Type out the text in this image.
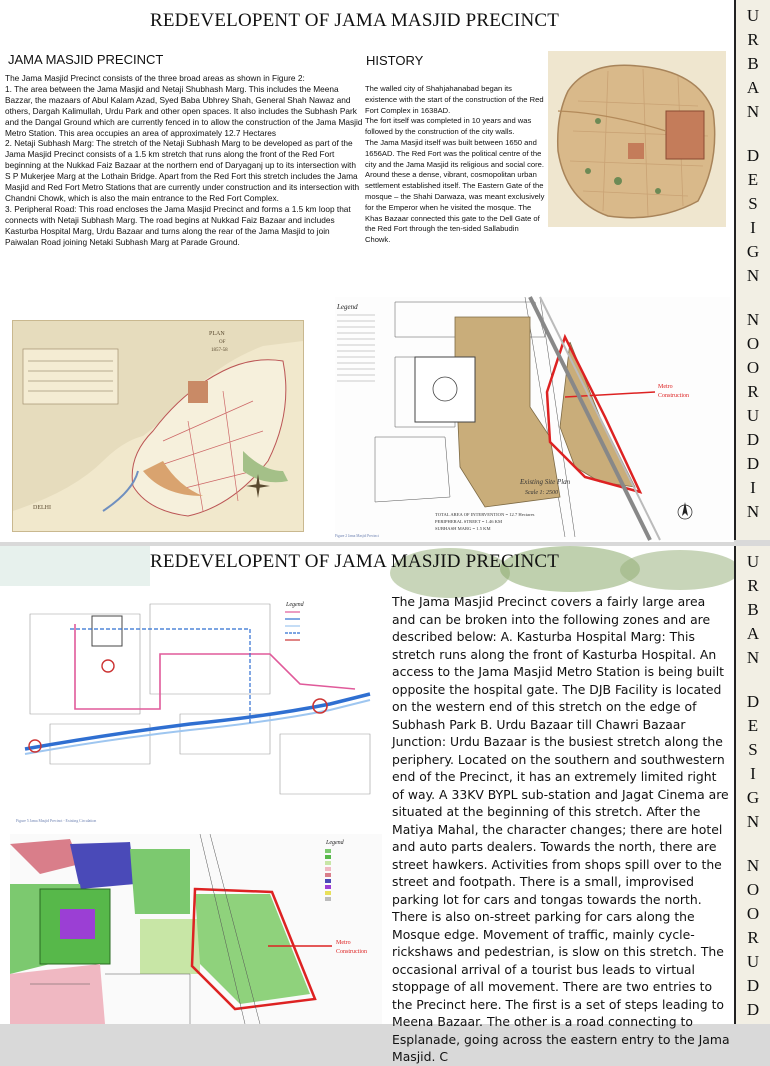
REDEVELOPENT OF JAMA MASJID PRECINCT
JAMA MASJID PRECINCT	HISTORY

The Jama Masjid Precinct consists of the three broad areas as shown in Figure 2:

1. The area between the Jama Masjid and Netaji Shubhash Marg. This includes the Meena Bazzar, the mazaars of Abul Kalam Azad, Syed Baba Ubhrey Shah, General Shah Nawaz and others, Dargah Kalimullah, Urdu Park and other open spaces. It also includes the Subhash Park and the Dangal Ground which are currently fenced in to allow the construction of the Jama Masjid Metro Station. This area occupies an area of approximately 12.7 Hectares

2. Netaji Subhash Marg: The stretch of the Netaji Subhash Marg to be developed as part of the Jama Masjid Precinct consists of a 1.5 km stretch that runs along the front of the Red Fort beginning at the Nukkad Faiz Bazaar at the northern end of Daryaganj up to its intersection with S P Mukerjee Marg at the Lothain Bridge. Apart from the Red Fort this stretch includes the Jama Masjid and Red Fort Metro Stations that are currently under construction and its intersection with Chandni Chowk, which is also the main entrance to the Red Fort Complex.

3. Peripheral Road: This road encloses the Jama Masjid Precinct and forms a 1.5 km loop that connects with Netaji Subhash Marg. The road begins at Nukkad Faiz Bazaar and includes Kasturba Hospital Marg, Urdu Bazaar and turns along the rear of the Jama Masjid to join Paiwalan Road joining Netaki Subhash Marg at Parade Ground.

The walled city of Shahjahanabad began its existence with the start of the construction of the Red Fort Complex in 1638AD.

The fort itself was completed in 10 years and was followed by the construction of the city walls.

The Jama Masjid itself was built between 1650 and 1656AD. The Red Fort was the political centre of the city and the Jama Masjid its religious and social core.

Around these a dense, vibrant, cosmopolitan urban settlement established itself. The Eastern Gate of the mosque – the Shahi Darwaza, was meant exclusively for the Emperor when he visited the mosque. The Khas Bazaar connected this gate to the Dell Gate of the Red Fort through the ten-sided Sallabudin Chowk.

PLAN
OF
1857-58
DELHI
Legend
Metro
Construction
Existing Site Plan
Scale 1: 2500
TOTAL AREA OF INTERVENTION = 12.7 Hectares
PERIPHERAL STREET = 1.46 KM
SUBHASH MARG = 1.5 KM
Figure 2 Jama Masjid Precinct
U
R
B
A
N
D
E
S
I
G
N
N
O
O
R
U
D
D
I
N
REDEVELOPENT OF JAMA MASJID PRECINCT
Legend
Figure 5 Jama Masjid Precinct - Existing Circulation
Legend
Metro
Construction
The Jama Masjid Precinct covers a fairly large area and can be broken into the following zones and are described below: A. Kasturba Hospital Marg: This stretch runs along the front of Kasturba Hospital. An access to the Jama Masjid Metro Station is being built opposite the hospital gate. The DJB Facility is located on the western end of this stretch on the edge of Subhash Park B. Urdu Bazaar till Chawri Bazaar Junction: Urdu Bazaar is the busiest stretch along the periphery. Located on the southern and southwestern end of the Precinct, it has an extremely limited right of way. A 33KV BYPL sub-station and Jagat Cinema are situated at the beginning of this stretch. After the Matiya Mahal, the character changes; there are hotel and auto parts dealers. Towards the north, there are street hawkers. Activities from shops spill over to the street and footpath. There is a small, improvised parking lot for cars and tongas towards the north. There is also on-street parking for cars along the Mosque edge. Movement of traffic, mainly cycle-rickshaws and pedestrian, is slow on this stretch. The occasional arrival of a tourist bus leads to virtual stoppage of all movement. There are two entries to the Precinct here. The first is a set of steps leading to Meena Bazaar. The other is a road connecting to Esplanade, going across the eastern entry to the Jama Masjid. C
U
R
B
A
N
D
E
S
I
G
N
N
O
O
R
U
D
D
